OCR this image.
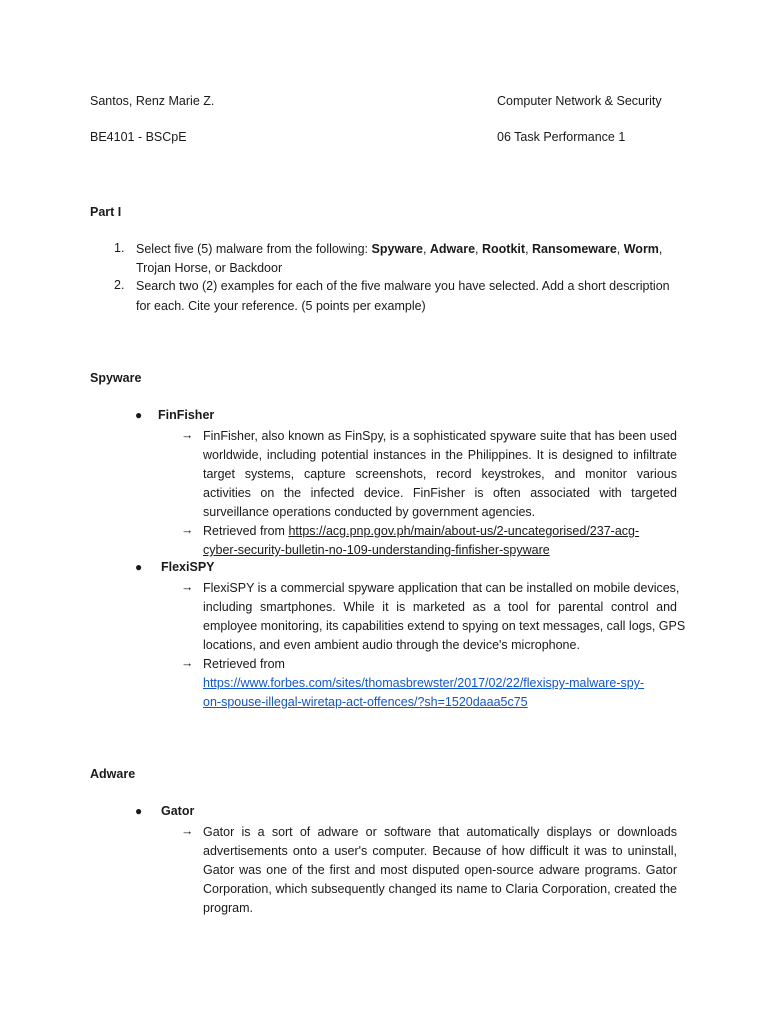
Santos, Renz Marie Z.
BE4101 - BSCpE
Computer Network & Security
06 Task Performance 1
Part I
1. Select five (5) malware from the following: Spyware, Adware, Rootkit, Ransomeware, Worm,
Trojan Horse, or Backdoor
2. Search two (2) examples for each of the five malware you have selected. Add a short description
for each. Cite your reference. (5 points per example)
Spyware
● FinFisher
→ FinFisher, also known as FinSpy, is a sophisticated spyware suite that has been used
worldwide, including potential instances in the Philippines. It is designed to infiltrate
target systems, capture screenshots, record keystrokes, and monitor various
activities on the infected device. FinFisher is often associated with targeted
surveillance operations conducted by government agencies.
→ Retrieved from https://acg.pnp.gov.ph/main/about-us/2-uncategorised/237-acg-
cyber-security-bulletin-no-109-understanding-finfisher-spyware
● FlexiSPY
→ FlexiSPY is a commercial spyware application that can be installed on mobile devices,
including smartphones. While it is marketed as a tool for parental control and
employee monitoring, its capabilities extend to spying on text messages, call logs, GPS
locations, and even ambient audio through the device's microphone.
→ Retrieved from
https://www.forbes.com/sites/thomasbrewster/2017/02/22/flexispy-malware-spy-
on-spouse-illegal-wiretap-act-offences/?sh=1520daaa5c75
Adware
● Gator
→ Gator is a sort of adware or software that automatically displays or downloads
advertisements onto a user's computer. Because of how difficult it was to uninstall,
Gator was one of the first and most disputed open-source adware programs. Gator
Corporation, which subsequently changed its name to Claria Corporation, created the
program.
